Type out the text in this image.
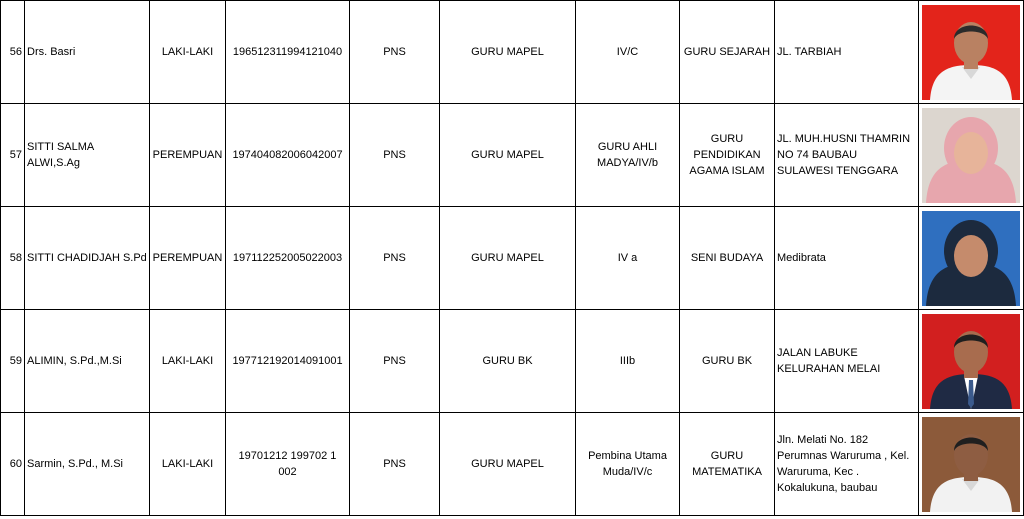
56	Drs. Basri	LAKI-LAKI	196512311994121040	PNS	GURU MAPEL	IV/C	GURU SEJARAH	JL. TARBIAH	

57	SITTI SALMA ALWI,S.Ag	PEREMPUAN	197404082006042007	PNS	GURU MAPEL	GURU AHLI MADYA/IV/b	GURU PENDIDIKAN AGAMA ISLAM	JL. MUH.HUSNI THAMRIN NO 74 BAUBAU SULAWESI TENGGARA	

58	SITTI CHADIDJAH S.Pd	PEREMPUAN	197112252005022003	PNS	GURU MAPEL	IV a	SENI BUDAYA	Medibrata	

59	ALIMIN, S.Pd.,M.Si	LAKI-LAKI	197712192014091001	PNS	GURU BK	IIIb	GURU BK	JALAN LABUKE KELURAHAN MELAI	

60	Sarmin, S.Pd., M.Si	LAKI-LAKI	19701212 199702 1 002	PNS	GURU MAPEL	Pembina Utama Muda/IV/c	GURU MATEMATIKA	Jln. Melati No. 182 Perumnas Waruruma , Kel. Waruruma, Kec . Kokalukuna, baubau	
